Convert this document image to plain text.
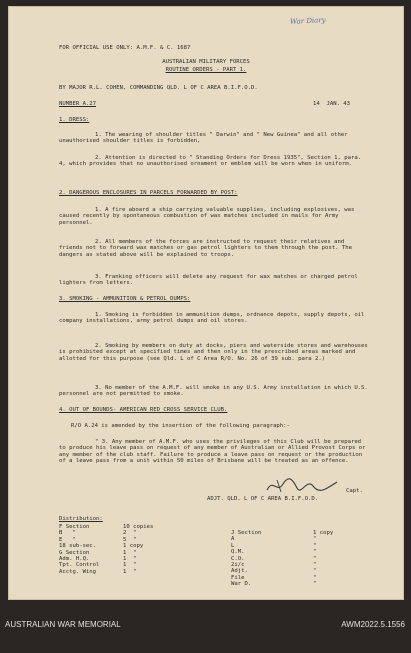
War Diary
FOR OFFICIAL USE ONLY: A.M.F. & C. 1687
AUSTRALIAN MILITARY FORCES
ROUTINE ORDERS - PART 1.
BY MAJOR R.L. COHEN, COMMANDING QLD. L OF C AREA B.I.F.O.D.
NUMBER A.27	14  JAN. 43
1. DRESS:
1. The wearing of shoulder titles " Darwin" and " New Guinea" and all other unauthorised shoulder titles is forbidden,
2. Attention is directed to " Standing Orders for Dress 1935", Section 1, para. 4, which provides that no unauthorised ornament or emblem will be worn when in uniform.
2. DANGEROUS ENCLOSURES IN PARCELS FORWARDED BY POST:
1. A fire aboard a ship carrying valuable supplies, including explosives, was caused recently by spontaneous combustion of wax matches included in mails for Army personnel.
2. All members of the forces are instructed to request their relatives and friends not to forward wax matches or gas petrol lighters to them through the post. The dangers as stated above will be explained to troops.
3. Franking officers will delete any request for wax matches or charged petrol lighters from letters.
3. SMOKING - AMMUNITION & PETROL DUMPS:
1. Smoking is forbidden in ammunition dumps, ordnance depots, supply depots, oil company installations, army petrol dumps and oil stores.
2. Smoking by members on duty at docks, piers and waterside stores and warehouses is prohibited except at specified times and then only in the prescribed areas marked and allotted for this purpose (see Qld. L of C Area R/O. No. 26 of 39 sub. para 2.)
3. No member of the A.M.F. will smoke in any U.S. Army installation in which U.S. personnel are not permitted to smoke.
4. OUT OF BOUNDS- AMERICAN RED CROSS SERVICE CLUB.
R/O A.24 is amended by the insertion of the following paragraph:-
" 3. Any member of A.M.F. who uses the privileges of this Club will be prepared to produce his leave pass on request of any member of Australian or Allied Provost Corps or any member of the club staff. Failure to produce a leave pass on request or the production of a leave pass from a unit within 50 miles of Brisbane will be treated as an offence.
Capt.
ADJT. QLD. L OF C AREA B.I.F.O.D.
Distribution:
F Section	10 copies
B   "	2  "
E   "	5  "
18 sub-sec.	1 copy
G Section	1  "
Adm. H.Q.	1  "
Tpt. Control	1  "
Acctg. Wing	1  "
J Section	1 copy
A	"
L	"
Q.M.	"
C.O.	"
2i/c	"
Adjt.	"
File	"
War D.	"
AUSTRALIAN WAR MEMORIAL	AWM2022.5.1556
